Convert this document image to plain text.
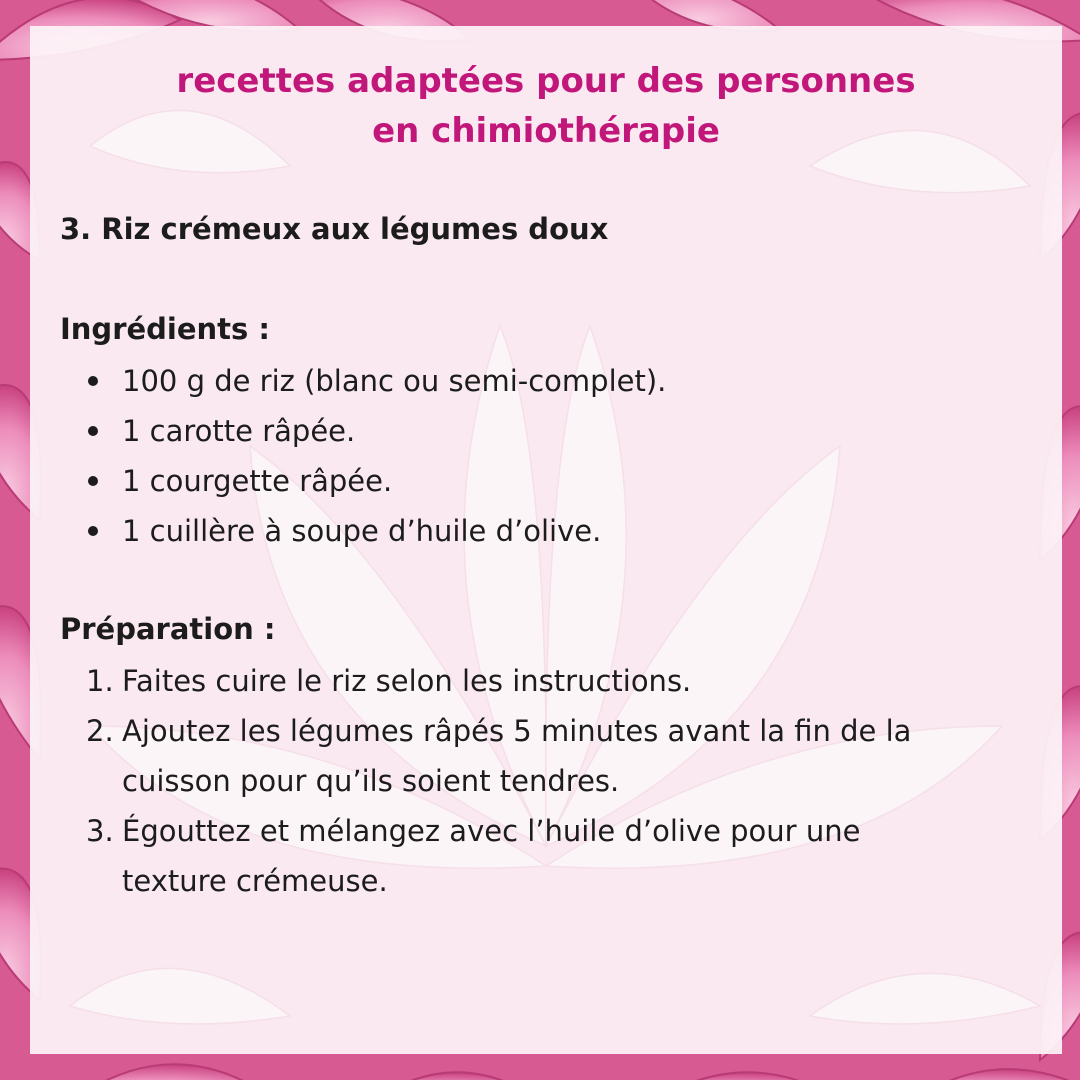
recettes adaptées pour des personnes
en chimiothérapie
3. Riz crémeux aux légumes doux
Ingrédients :
100 g de riz (blanc ou semi-complet).
1 carotte râpée.
1 courgette râpée.
1 cuillère à soupe d’huile d’olive.
Préparation :
1. Faites cuire le riz selon les instructions.
2. Ajoutez les légumes râpés 5 minutes avant la fin de la
cuisson pour qu’ils soient tendres.
3. Égouttez et mélangez avec l’huile d’olive pour une
texture crémeuse.
